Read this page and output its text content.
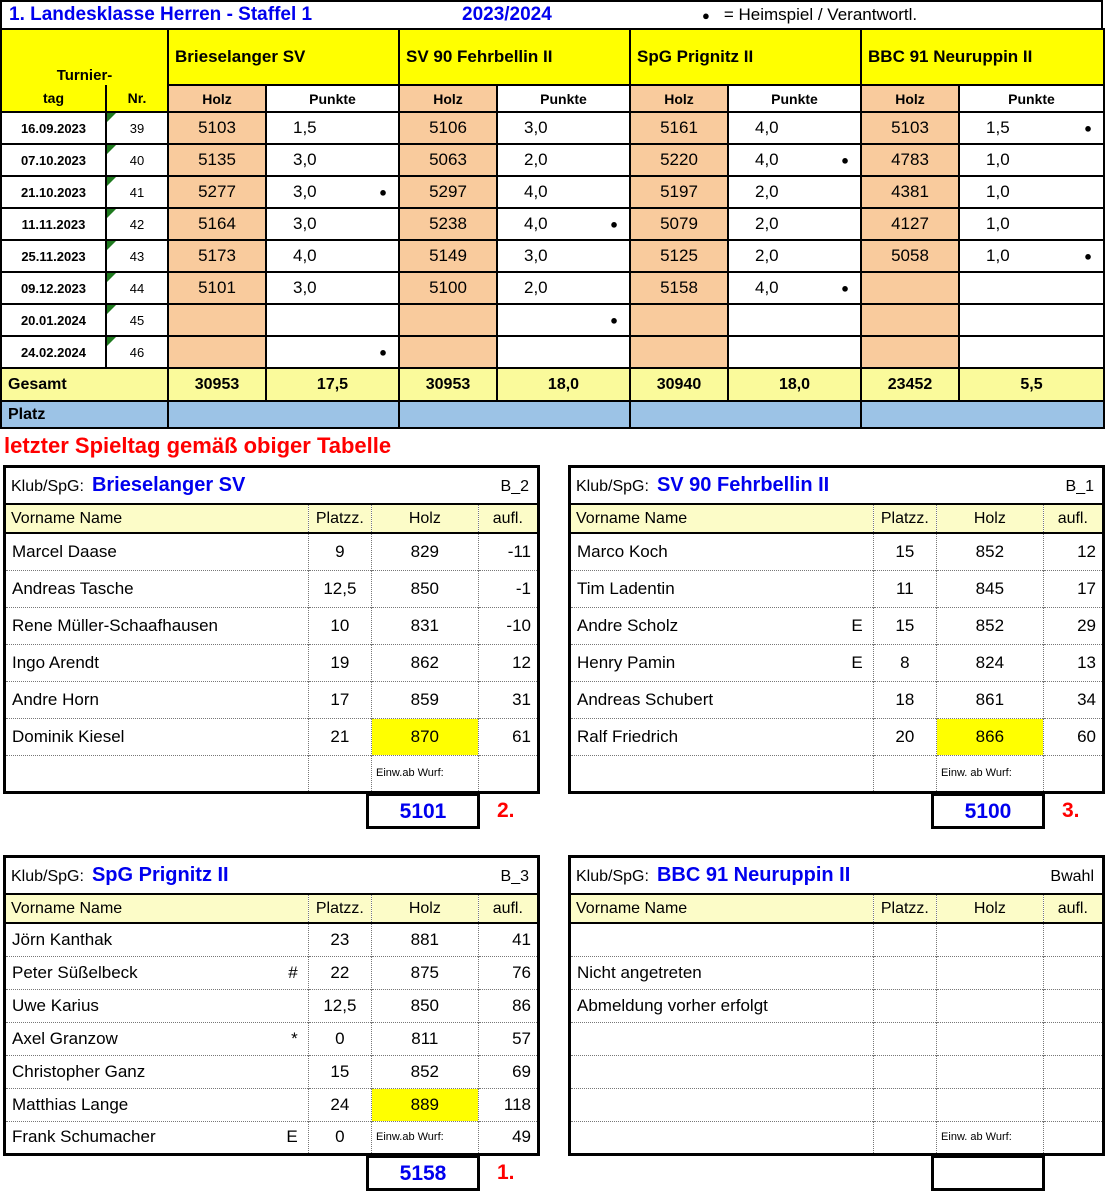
1. Landesklasse Herren - Staffel 1	2023/2024	● = Heimspiel / Verantwortl.
Turnier-		Brieselanger SV		SV 90 Fehrbellin II		SpG Prignitz II		BBC 91 Neuruppin II	
tag	Nr.	Holz	Punkte	Holz	Punkte	Holz	Punkte	Holz	Punkte
16.09.2023	39	5103	1,5	5106	3,0	5161	4,0	5103	1,5 ●

07.10.2023	40	5135	3,0	5063	2,0	5220	4,0 ●	4783	1,0

21.10.2023	41	5277	3,0 ●	5297	4,0	5197	2,0	4381	1,0

11.11.2023	42	5164	3,0	5238	4,0 ●	5079	2,0	4127	1,0

25.11.2023	43	5173	4,0	5149	3,0	5125	2,0	5058	1,0 ●

09.12.2023	44	5101	3,0	5100	2,0	5158	4,0 ●		

20.01.2024	45				●				

24.02.2024	46		●						

Gesamt		30953	17,5	30953	18,0	30940	18,0	23452	5,5
Platz									
letzter Spieltag gemäß obiger Tabelle
Klub/SpG: Brieselanger SV B_2			

Vorname Name	Platzz.	Holz	aufl.
Marcel Daase	9	829	-11
Andreas Tasche	12,5	850	-1
Rene Müller-Schaafhausen	10	831	-10
Ingo Arendt	19	862	12
Andre Horn	17	859	31
Dominik Kiesel	21	870	61

		Einw.ab Wurf:	

5101	2.
Klub/SpG: SV 90 Fehrbellin II B_1			

Vorname Name	Platzz.	Holz	aufl.
Marco Koch	15	852	12
Tim Ladentin	11	845	17
Andre Scholz E	15	852	29
Henry Pamin E	8	824	13
Andreas Schubert	18	861	34
Ralf Friedrich	20	866	60

		Einw. ab Wurf:	

5100	3.
Klub/SpG: SpG Prignitz II B_3			

Vorname Name	Platzz.	Holz	aufl.
Jörn Kanthak	23	881	41
Peter Süßelbeck #	22	875	76
Uwe Karius	12,5	850	86
Axel Granzow *	0	811	57
Christopher Ganz	15	852	69
Matthias Lange	24	889	118
Frank Schumacher E	0	Einw.ab Wurf:	49
5158	1.
Klub/SpG: BBC 91 Neuruppin II Bwahl			

Vorname Name	Platzz.	Holz	aufl.

Nicht angetreten

Abmeldung vorher erfolgt

		Einw. ab Wurf:	
